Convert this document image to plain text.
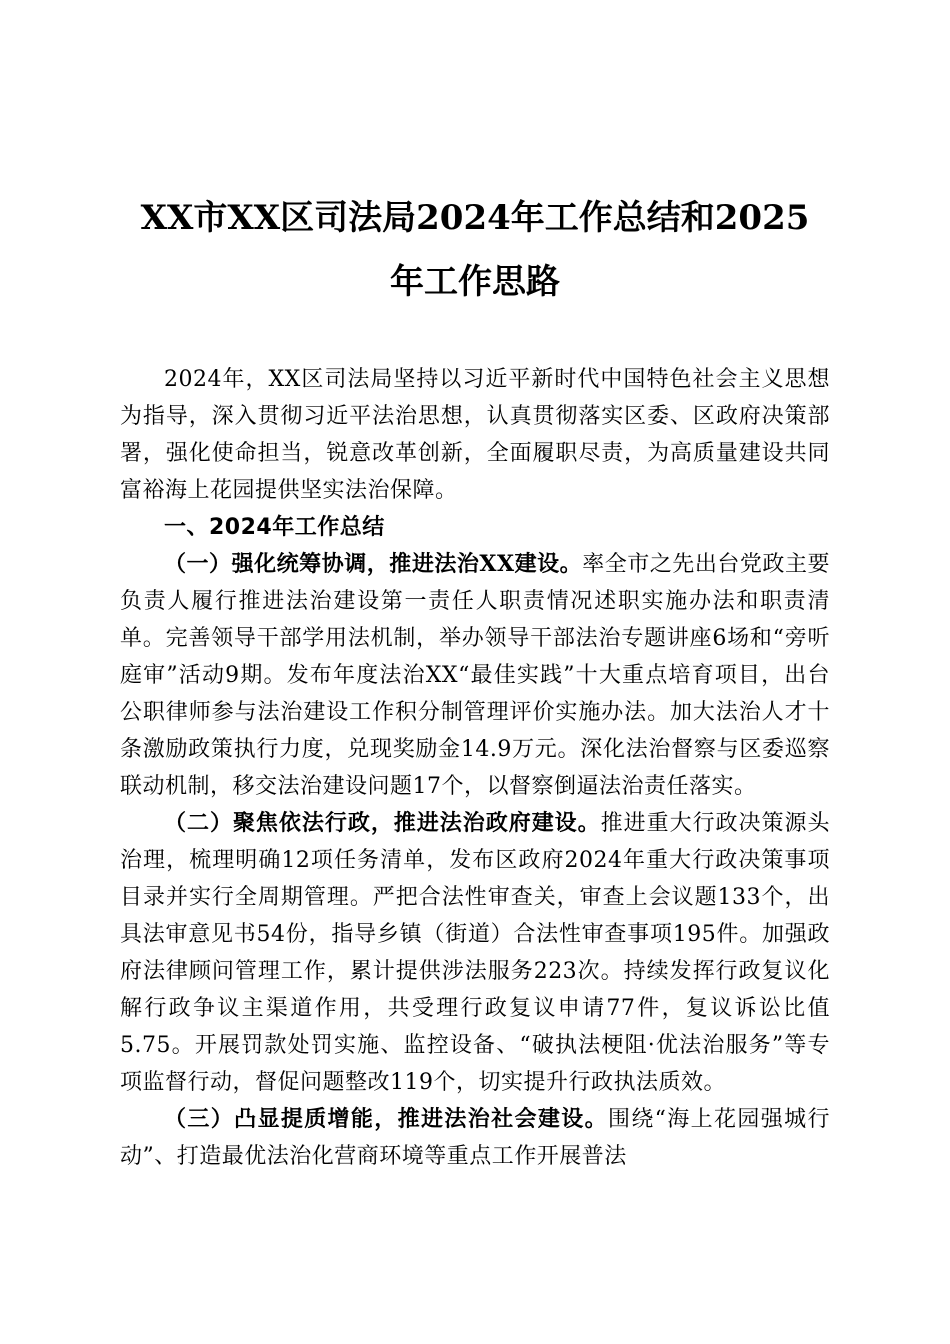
XX市XX区司法局2024年工作总结和2025
年工作思路

2024年，XX区司法局坚持以习近平新时代中国特色社会主义思想为指导，深入贯彻习近平法治思想，认真贯彻落实区委、区政府决策部署，强化使命担当，锐意改革创新，全面履职尽责，为高质量建设共同富裕海上花园提供坚实法治保障。

一、2024年工作总结

（一）强化统筹协调，推进法治XX建设。率全市之先出台党政主要负责人履行推进法治建设第一责任人职责情况述职实施办法和职责清单。完善领导干部学用法机制，举办领导干部法治专题讲座6场和“旁听庭审”活动9期。发布年度法治XX“最佳实践”十大重点培育项目，出台公职律师参与法治建设工作积分制管理评价实施办法。加大法治人才十条激励政策执行力度，兑现奖励金14.9万元。深化法治督察与区委巡察联动机制，移交法治建设问题17个，以督察倒逼法治责任落实。

（二）聚焦依法行政，推进法治政府建设。推进重大行政决策源头治理，梳理明确12项任务清单，发布区政府2024年重大行政决策事项目录并实行全周期管理。严把合法性审查关，审查上会议题133个，出具法审意见书54份，指导乡镇（街道）合法性审查事项195件。加强政府法律顾问管理工作，累计提供涉法服务223次。持续发挥行政复议化解行政争议主渠道作用，共受理行政复议申请77件，复议诉讼比值5.75。开展罚款处罚实施、监控设备、“破执法梗阻·优法治服务”等专项监督行动，督促问题整改119个，切实提升行政执法质效。

（三）凸显提质增能，推进法治社会建设。围绕“海上花园强城行动”、打造最优法治化营商环境等重点工作开展普法
